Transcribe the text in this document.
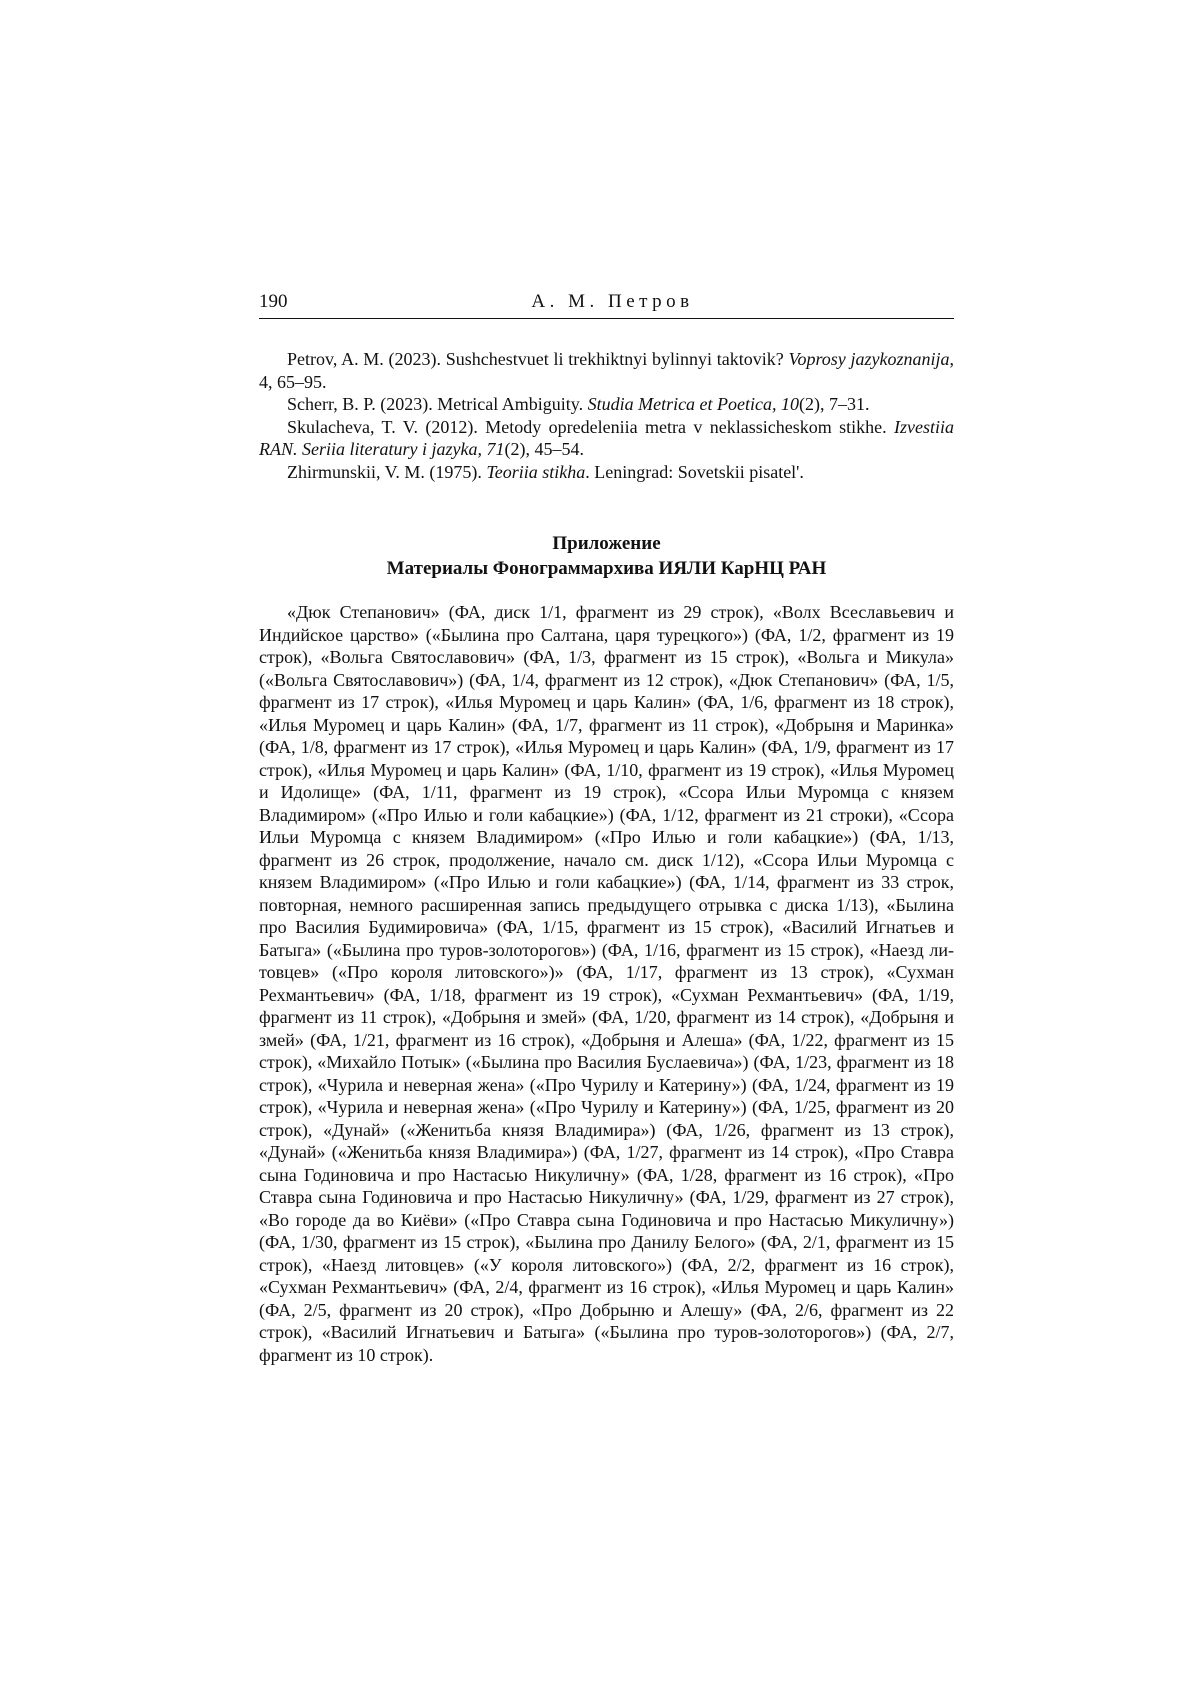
190	А. М. Петров

Petrov, A. M. (2023). Sushchestvuet li trekhiktnyi bylinnyi taktovik? Voprosy jazykoznanija, 4, 65–95.

Scherr, B. P. (2023). Metrical Ambiguity. Studia Metrica et Poetica, 10(2), 7–31.

Skulacheva, T. V. (2012). Metody opredeleniia metra v neklassicheskom stikhe. Izvestiia RAN. Seriia literatury i jazyka, 71(2), 45–54.

Zhirmunskii, V. M. (1975). Teoriia stikha. Leningrad: Sovetskii pisatel'.

Приложение
Материалы Фонограммархива ИЯЛИ КарНЦ РАН

«Дюк Степанович» (ФА, диск 1/1, фрагмент из 29 строк), «Волх Всеславьевич и Индийское царство» («Былина про Салтана, царя турецкого») (ФА, 1/2, фрагмент из 19 строк), «Вольга Святославович» (ФА, 1/3, фрагмент из 15 строк), «Вольга и Микула» («Вольга Святославович») (ФА, 1/4, фрагмент из 12 строк), «Дюк Степанович» (ФА, 1/5, фрагмент из 17 строк), «Илья Муромец и царь Калин» (ФА, 1/6, фрагмент из 18 строк), «Илья Муромец и царь Калин» (ФА, 1/7, фрагмент из 11 строк), «Добрыня и Маринка» (ФА, 1/8, фрагмент из 17 строк), «Илья Муромец и царь Калин» (ФА, 1/9, фрагмент из 17 строк), «Илья Муромец и царь Калин» (ФА, 1/10, фрагмент из 19 строк), «Илья Муромец и Идолище» (ФА, 1/11, фрагмент из 19 строк), «Ссора Ильи Муромца с князем Владимиром» («Про Илью и голи кабацкие») (ФА, 1/12, фрагмент из 21 строки), «Ссора Ильи Муромца с князем Владимиром» («Про Илью и голи кабацкие») (ФА, 1/13, фрагмент из 26 строк, продолжение, начало см. диск 1/12), «Ссора Ильи Муромца с князем Владимиром» («Про Илью и голи кабацкие») (ФА, 1/14, фрагмент из 33 строк, повторная, немного расширенная запись предыдущего отрывка с диска 1/13), «Былина про Василия Будимировича» (ФА, 1/15, фрагмент из 15 строк), «Василий Игнатьев и Батыга» («Былина про туров-золоторогов») (ФА, 1/16, фрагмент из 15 строк), «Наезд литовцев» («Про короля литовского»)» (ФА, 1/17, фрагмент из 13 строк), «Сухман Рехмантьевич» (ФА, 1/18, фрагмент из 19 строк), «Сухман Рехмантьевич» (ФА, 1/19, фрагмент из 11 строк), «Добрыня и змей» (ФА, 1/20, фрагмент из 14 строк), «Добрыня и змей» (ФА, 1/21, фрагмент из 16 строк), «Добрыня и Алеша» (ФА, 1/22, фрагмент из 15 строк), «Михайло Потык» («Былина про Василия Буслаевича») (ФА, 1/23, фрагмент из 18 строк), «Чурила и неверная жена» («Про Чурилу и Катерину») (ФА, 1/24, фрагмент из 19 строк), «Чурила и неверная жена» («Про Чурилу и Катерину») (ФА, 1/25, фрагмент из 20 строк), «Дунай» («Женитьба князя Владимира») (ФА, 1/26, фрагмент из 13 строк), «Дунай» («Женитьба князя Владимира») (ФА, 1/27, фрагмент из 14 строк), «Про Ставра сына Годиновича и про Настасью Никуличну» (ФА, 1/28, фрагмент из 16 строк), «Про Ставра сына Годиновича и про Настасью Никуличну» (ФА, 1/29, фрагмент из 27 строк), «Во городе да во Киёви» («Про Ставра сына Годиновича и про Настасью Микуличну») (ФА, 1/30, фрагмент из 15 строк), «Былина про Данилу Белого» (ФА, 2/1, фрагмент из 15 строк), «Наезд литовцев» («У короля литовского») (ФА, 2/2, фрагмент из 16 строк), «Сухман Рехмантьевич» (ФА, 2/4, фрагмент из 16 строк), «Илья Муромец и царь Калин» (ФА, 2/5, фрагмент из 20 строк), «Про Добрыню и Алешу» (ФА, 2/6, фрагмент из 22 строк), «Василий Игнатьевич и Батыга» («Былина про туров-золоторогов») (ФА, 2/7, фрагмент из 10 строк).
